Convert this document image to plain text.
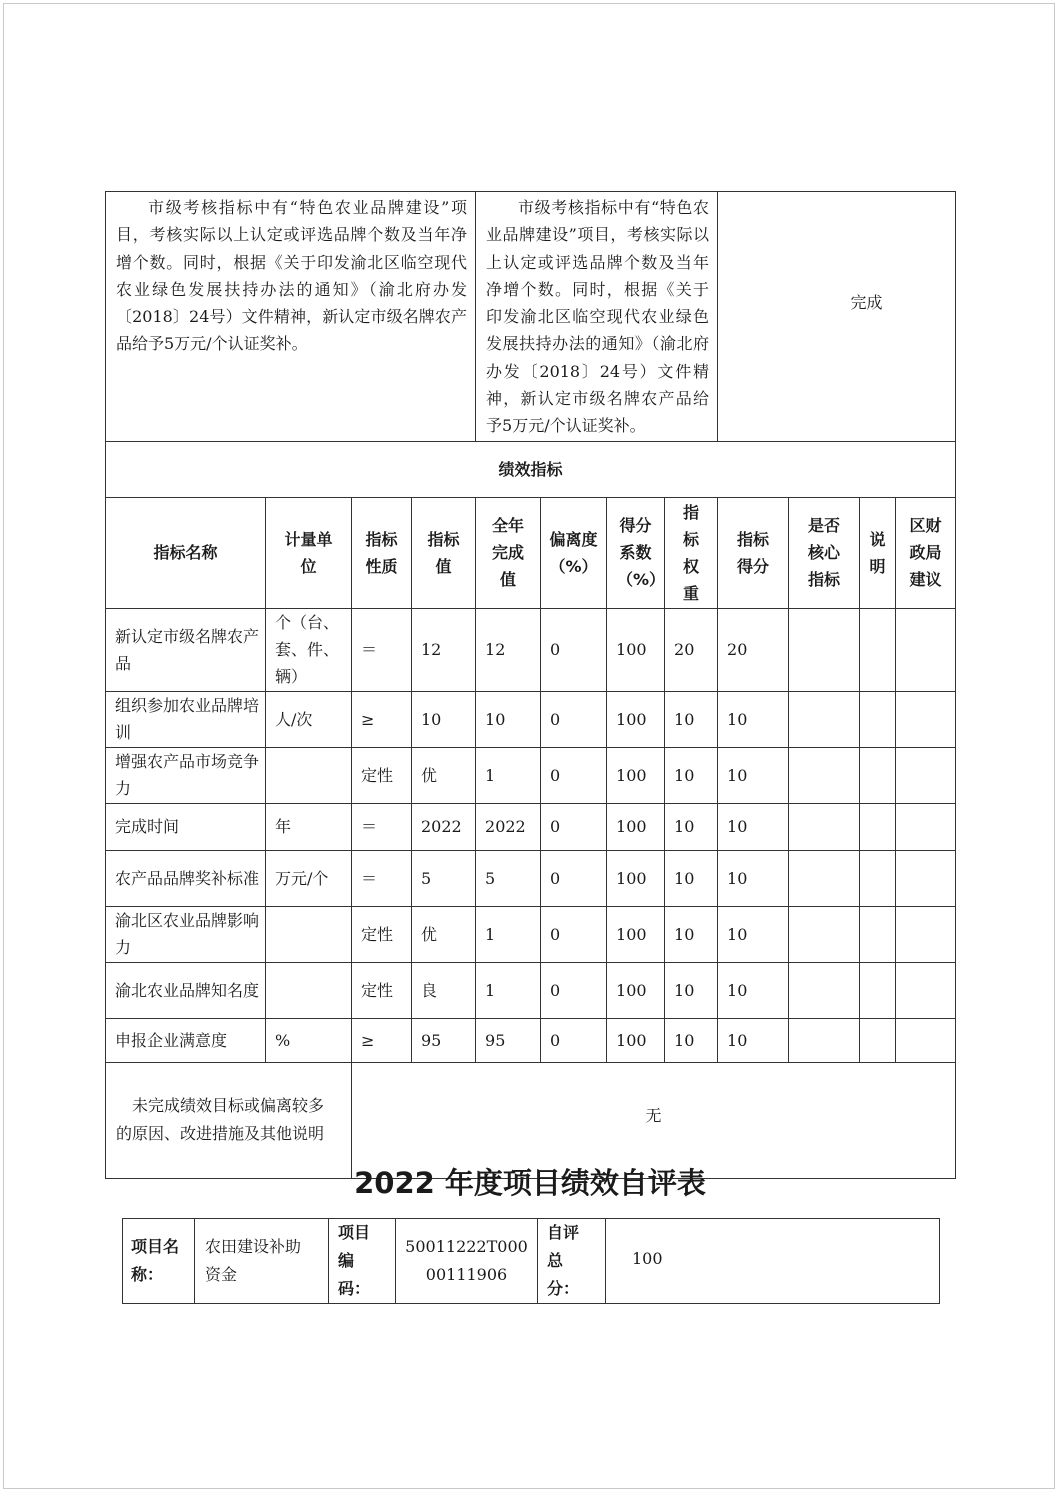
市级考核指标中有“特色农业品牌建设”项目，考核实际以上认定或评选品牌个数及当年净增个数。同时，根据《关于印发渝北区临空现代农业绿色发展扶持办法的通知》（渝北府办发〔2018〕24号）文件精神，新认定市级名牌农产品给予5万元/个认证奖补。				市级考核指标中有“特色农业品牌建设”项目，考核实际以上认定或评选品牌个数及当年净增个数。同时，根据《关于印发渝北区临空现代农业绿色发展扶持办法的通知》（渝北府办发〔2018〕24号）文件精神，新认定市级名牌农产品给予5万元/个认证奖补。				完成			
绩效指标											
指标名称	计量单位	指标性质	指标值	全年完成值	偏离度（%）	得分系数（%）	指标权重	指标得分	是否核心指标	说明	区财政局建议
新认定市级名牌农产品	个（台、套、件、辆）	＝	12	12	0	100	20	20			
组织参加农业品牌培训	人/次	≥	10	10	0	100	10	10			
增强农产品市场竞争力		定性	优	1	0	100	10	10			
完成时间	年	＝	2022	2022	0	100	10	10			
农产品品牌奖补标准	万元/个	＝	5	5	0	100	10	10			
渝北区农业品牌影响力		定性	优	1	0	100	10	10			
渝北农业品牌知名度		定性	良	1	0	100	10	10			
申报企业满意度	%	≥	95	95	0	100	10	10			
未完成绩效目标或偏离较多的原因、改进措施及其他说明		无									
2022 年度项目绩效自评表
项目名称：	农田建设补助资金	项目编码：	50011222T00000111906	自评总分：	100
